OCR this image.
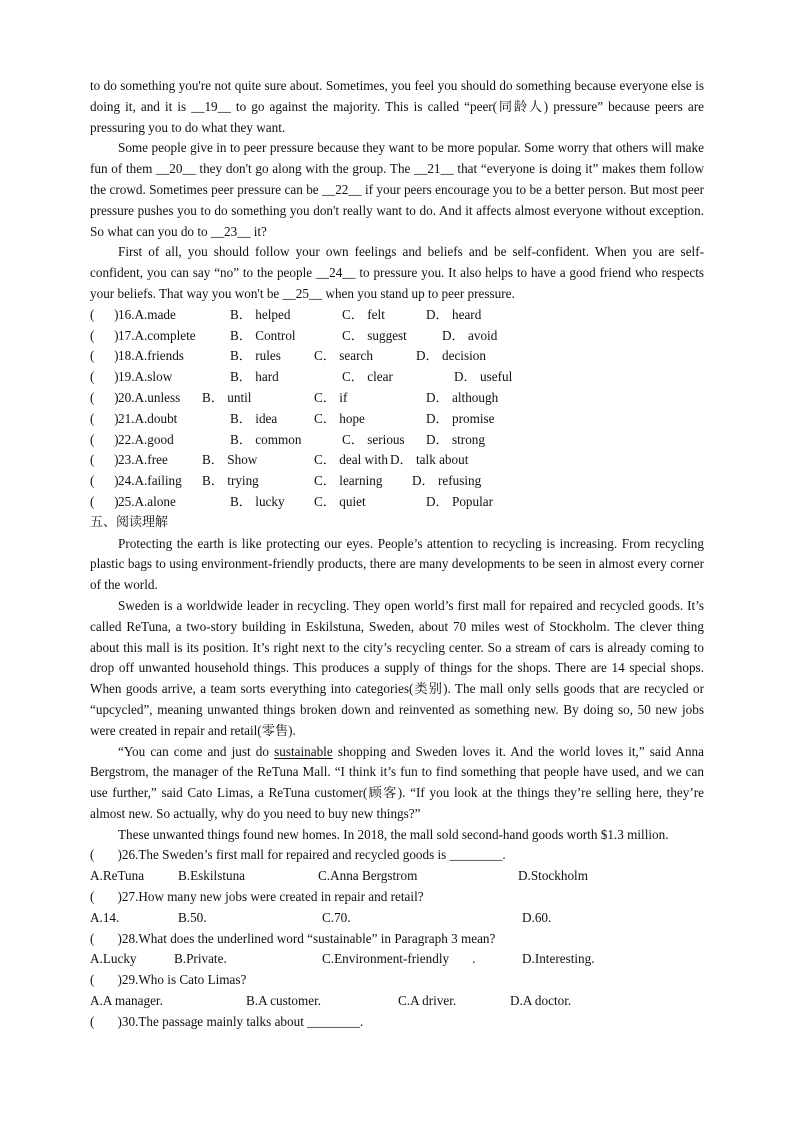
to do something you're not quite sure about. Sometimes, you feel you should do something because everyone else is doing it, and it is __19__ to go against the majority. This is called “peer(同龄人) pressure” because peers are pressuring you to do what they want.

Some people give in to peer pressure because they want to be more popular. Some worry that others will make fun of them __20__ they don't go along with the group. The __21__ that “everyone is doing it” makes them follow the crowd. Sometimes peer pressure can be __22__ if your peers encourage you to be a better person. But most peer pressure pushes you to do something you don't really want to do. And it affects almost everyone without exception. So what can you do to __23__ it?

First of all, you should follow your own feelings and beliefs and be self-confident. When you are self-confident, you can say “no” to the people __24__ to pressure you. It also helps to have a good friend who respects your beliefs. That way you won't be __25__ when you stand up to peer pressure.

(      ) 16.A.made	B． helped	C． felt	D． heard
(      ) 17.A.complete	B． Control	C． suggest	D． avoid
(      ) 18.A.friends	B． rules	C． search	D． decision
(      ) 19.A.slow	B． hard	C． clear	D． useful
(      ) 20.A.unless	B． until	C． if	D． although
(      ) 21.A.doubt	B． idea	C． hope	D． promise
(      ) 22.A.good	B． common	C． serious	D． strong
(      ) 23.A.free	B． Show	C． deal with D． talk about
(      ) 24.A.failing	B． trying	C． learning	D． refusing
(      ) 25.A.alone	B． lucky	C． quiet	D． Popular
五、阅读理解

Protecting the earth is like protecting our eyes. People’s attention to recycling is increasing. From recycling plastic bags to using environment-friendly products, there are many developments to be seen in almost every corner of the world.

Sweden is a worldwide leader in recycling. They open world’s first mall for repaired and recycled goods. It’s called ReTuna, a two-story building in Eskilstuna, Sweden, about 70 miles west of Stockholm. The clever thing about this mall is its position. It’s right next to the city’s recycling center. So a stream of cars is already coming to drop off unwanted household things. This produces a supply of things for the shops. There are 14 special shops. When goods arrive, a team sorts everything into categories(类别). The mall only sells goods that are recycled or “upcycled”, meaning unwanted things broken down and reinvented as something new. By doing so, 50 new jobs were created in repair and retail(零售).

“You can come and just do sustainable shopping and Sweden loves it. And the world loves it,” said Anna Bergstrom, the manager of the ReTuna Mall. “I think it’s fun to find something that people have used, and we can use further,” said Cato Limas, a ReTuna customer(顾客). “If you look at the things they’re selling here, they’re almost new. So actually, why do you need to buy new things?”

These unwanted things found new homes. In 2018, the mall sold second-hand goods worth $1.3 million.

(       )26.The Sweden’s first mall for repaired and recycled goods is ________.
A.ReTuna	B.Eskilstuna	C.Anna Bergstrom	D.Stockholm
(       )27.How many new jobs were created in repair and retail?
A.14.	B.50.	C.70.	D.60.
(       )28.What does the underlined word “sustainable” in Paragraph 3 mean?
A.Lucky	B.Private.	C.Environment-friendly       .	D.Interesting.
(       )29.Who is Cato Limas?
A.A manager.	B.A customer.	C.A driver.	D.A doctor.
(       )30.The passage mainly talks about ________.
